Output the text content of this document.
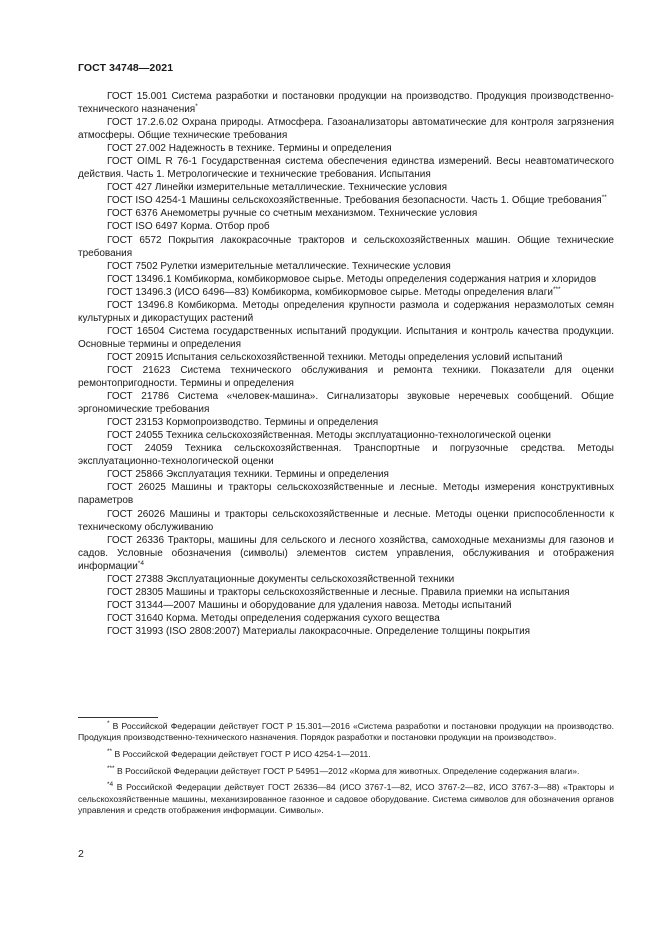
ГОСТ 34748—2021

ГОСТ 15.001 Система разработки и постановки продукции на производство. Продукция производственно-технического назначения*

ГОСТ 17.2.6.02 Охрана природы. Атмосфера. Газоанализаторы автоматические для контроля загрязнения атмосферы. Общие технические требования

ГОСТ 27.002 Надежность в технике. Термины и определения

ГОСТ OIML R 76-1 Государственная система обеспечения единства измерений. Весы неавтоматического действия. Часть 1. Метрологические и технические требования. Испытания

ГОСТ 427 Линейки измерительные металлические. Технические условия

ГОСТ ISO 4254-1 Машины сельскохозяйственные. Требования безопасности. Часть 1. Общие требования**

ГОСТ 6376 Анемометры ручные со счетным механизмом. Технические условия

ГОСТ ISO 6497 Корма. Отбор проб

ГОСТ 6572 Покрытия лакокрасочные тракторов и сельскохозяйственных машин. Общие технические требования

ГОСТ 7502 Рулетки измерительные металлические. Технические условия

ГОСТ 13496.1 Комбикорма, комбикормовое сырье. Методы определения содержания натрия и хлоридов

ГОСТ 13496.3 (ИСО 6496—83) Комбикорма, комбикормовое сырье. Методы определения влаги***

ГОСТ 13496.8 Комбикорма. Методы определения крупности размола и содержания неразмолотых семян культурных и дикорастущих растений

ГОСТ 16504 Система государственных испытаний продукции. Испытания и контроль качества продукции. Основные термины и определения

ГОСТ 20915 Испытания сельскохозяйственной техники. Методы определения условий испытаний

ГОСТ 21623 Система технического обслуживания и ремонта техники. Показатели для оценки ремонтопригодности. Термины и определения

ГОСТ 21786 Система «человек-машина». Сигнализаторы звуковые неречевых сообщений. Общие эргономические требования

ГОСТ 23153 Кормопроизводство. Термины и определения

ГОСТ 24055 Техника сельскохозяйственная. Методы эксплуатационно-технологической оценки

ГОСТ 24059 Техника сельскохозяйственная. Транспортные и погрузочные средства. Методы эксплуатационно-технологической оценки

ГОСТ 25866 Эксплуатация техники. Термины и определения

ГОСТ 26025 Машины и тракторы сельскохозяйственные и лесные. Методы измерения конструктивных параметров

ГОСТ 26026 Машины и тракторы сельскохозяйственные и лесные. Методы оценки приспособленности к техническому обслуживанию

ГОСТ 26336 Тракторы, машины для сельского и лесного хозяйства, самоходные механизмы для газонов и садов. Условные обозначения (символы) элементов систем управления, обслуживания и отображения информации$^{*4}$

ГОСТ 27388 Эксплуатационные документы сельскохозяйственной техники

ГОСТ 28305 Машины и тракторы сельскохозяйственные и лесные. Правила приемки на испытания

ГОСТ 31344—2007 Машины и оборудование для удаления навоза. Методы испытаний

ГОСТ 31640 Корма. Методы определения содержания сухого вещества

ГОСТ 31993 (ISO 2808:2007) Материалы лакокрасочные. Определение толщины покрытия

* В Российской Федерации действует ГОСТ Р 15.301—2016 «Система разработки и постановки продукции на производство. Продукция производственно-технического назначения. Порядок разработки и постановки продукции на производство».

** В Российской Федерации действует ГОСТ Р ИСО 4254-1—2011.

*** В Российской Федерации действует ГОСТ Р 54951—2012 «Корма для животных. Определение содержания влаги».

$^{*4}$ В Российской Федерации действует ГОСТ 26336—84 (ИСО 3767-1—82, ИСО 3767-2—82, ИСО 3767-3—88) «Тракторы и сельскохозяйственные машины, механизированное газонное и садовое оборудование. Система символов для обозначения органов управления и средств отображения информации. Символы».

2
